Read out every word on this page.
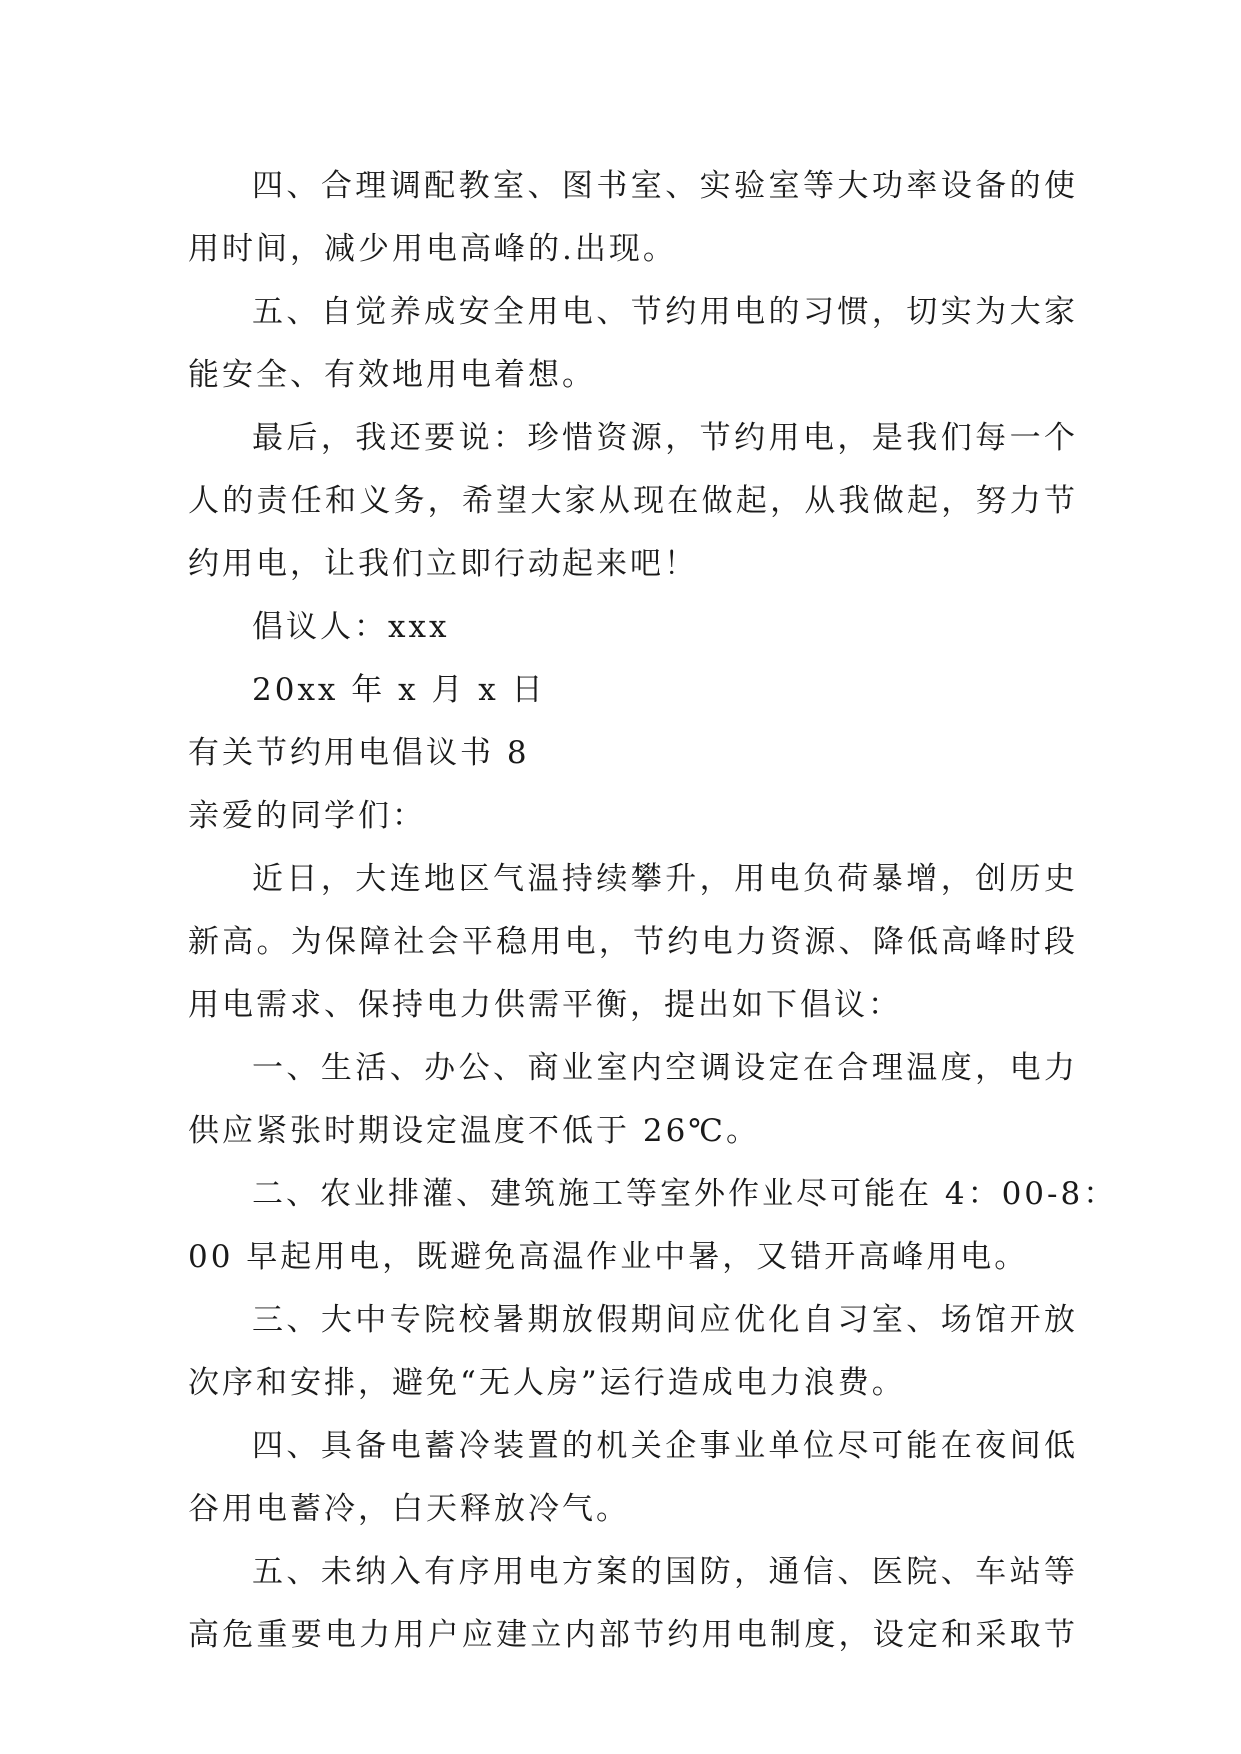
四、合理调配教室、图书室、实验室等大功率设备的使
用时间，减少用电高峰的.出现。
五、自觉养成安全用电、节约用电的习惯，切实为大家
能安全、有效地用电着想。
最后，我还要说：珍惜资源，节约用电，是我们每一个
人的责任和义务，希望大家从现在做起，从我做起，努力节
约用电，让我们立即行动起来吧！
倡议人：xxx
20xx 年 x 月 x 日
有关节约用电倡议书 8
亲爱的同学们：
近日，大连地区气温持续攀升，用电负荷暴增，创历史
新高。为保障社会平稳用电，节约电力资源、降低高峰时段
用电需求、保持电力供需平衡，提出如下倡议：
一、生活、办公、商业室内空调设定在合理温度，电力
供应紧张时期设定温度不低于 26℃。
二、农业排灌、建筑施工等室外作业尽可能在 4：00-8：
00 早起用电，既避免高温作业中暑，又错开高峰用电。
三、大中专院校暑期放假期间应优化自习室、场馆开放
次序和安排，避免“无人房”运行造成电力浪费。
四、具备电蓄冷装置的机关企事业单位尽可能在夜间低
谷用电蓄冷，白天释放冷气。
五、未纳入有序用电方案的国防，通信、医院、车站等
高危重要电力用户应建立内部节约用电制度，设定和采取节
